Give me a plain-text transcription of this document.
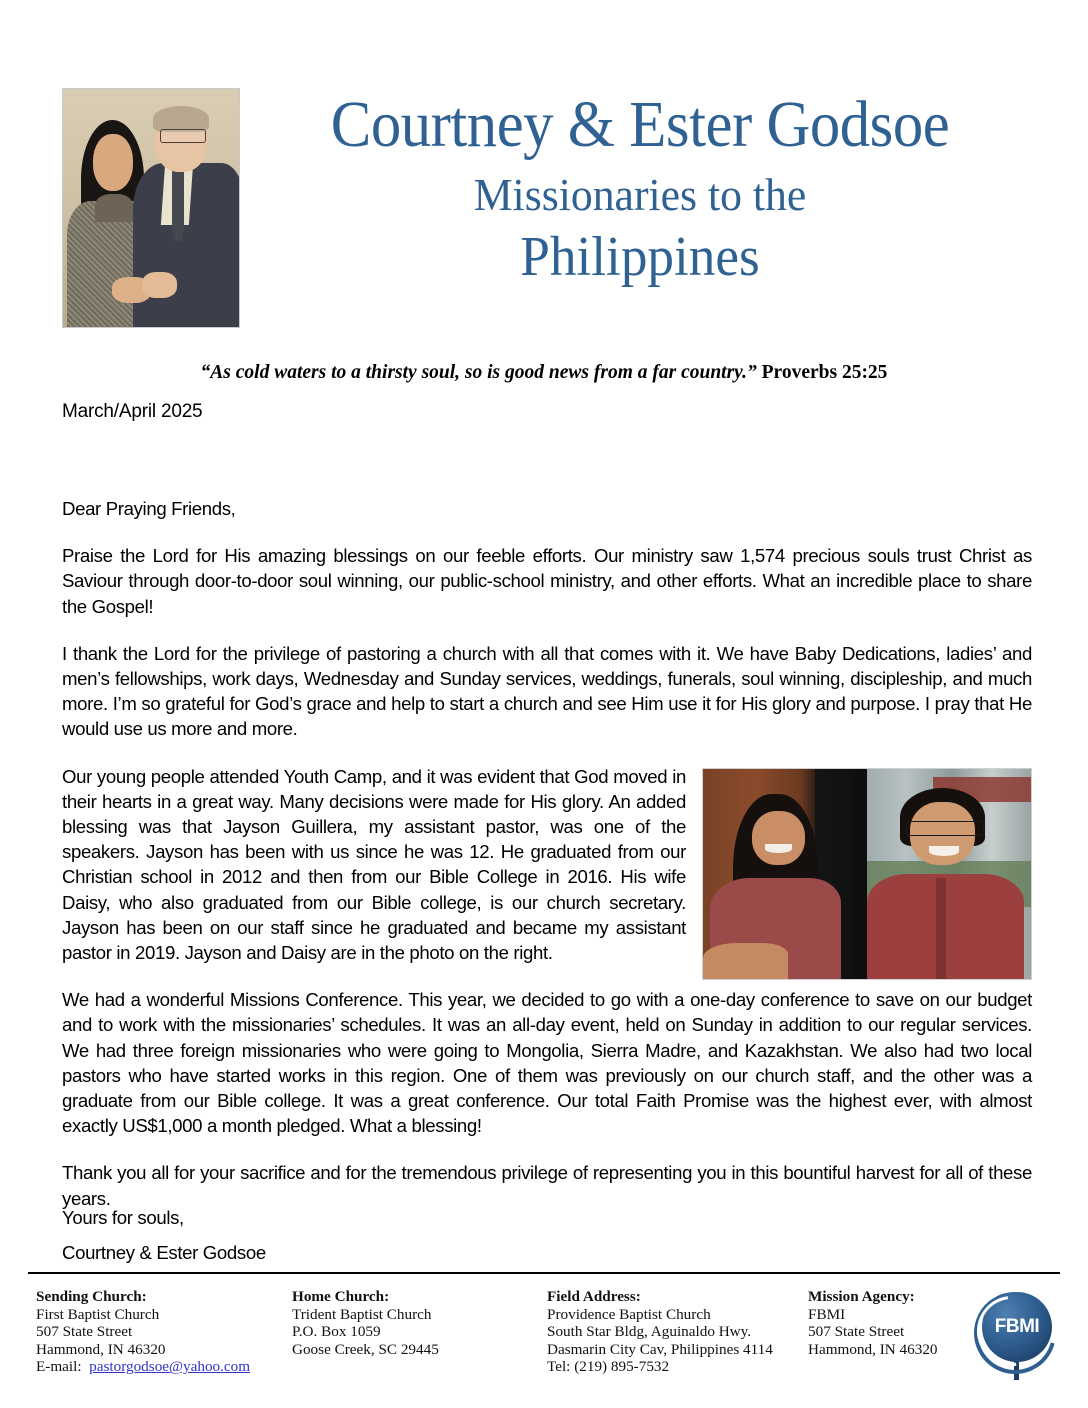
Courtney & Ester Godsoe
Missionaries to the
Philippines
“As cold waters to a thirsty soul, so is good news from a far country.” Proverbs 25:25
March/April 2025

Dear Praying Friends,

Praise the Lord for His amazing blessings on our feeble efforts. Our ministry saw 1,574 precious souls trust Christ as Saviour through door-to-door soul winning, our public-school ministry, and other efforts. What an incredible place to share the Gospel!

I thank the Lord for the privilege of pastoring a church with all that comes with it. We have Baby Dedications, ladies’ and men’s fellowships, work days, Wednesday and Sunday services, weddings, funerals, soul winning, discipleship, and much more. I’m so grateful for God’s grace and help to start a church and see Him use it for His glory and purpose. I pray that He would use us more and more.

Our young people attended Youth Camp, and it was evident that God moved in their hearts in a great way. Many decisions were made for His glory. An added blessing was that Jayson Guillera, my assistant pastor, was one of the speakers. Jayson has been with us since he was 12. He graduated from our Christian school in 2012 and then from our Bible College in 2016. His wife Daisy, who also graduated from our Bible college, is our church secretary. Jayson has been on our staff since he graduated and became my assistant pastor in 2019. Jayson and Daisy are in the photo on the right.

We had a wonderful Missions Conference. This year, we decided to go with a one-day conference to save on our budget and to work with the missionaries’ schedules. It was an all-day event, held on Sunday in addition to our regular services. We had three foreign missionaries who were going to Mongolia, Sierra Madre, and Kazakhstan. We also had two local pastors who have started works in this region. One of them was previously on our church staff, and the other was a graduate from our Bible college. It was a great conference. Our total Faith Promise was the highest ever, with almost exactly US$1,000 a month pledged. What a blessing!

Thank you all for your sacrifice and for the tremendous privilege of representing you in this bountiful harvest for all of these years.

Yours for souls,
Courtney & Ester Godsoe
Sending Church:
First Baptist Church
507 State Street
Hammond, IN 46320
E-mail: pastorgodsoe@yahoo.com
Home Church:
Trident Baptist Church
P.O. Box 1059
Goose Creek, SC 29445
Field Address:
Providence Baptist Church
South Star Bldg, Aguinaldo Hwy.
Dasmarin City Cav, Philippines 4114
Tel: (219) 895-7532
Mission Agency:
FBMI
507 State Street
Hammond, IN 46320
FBMI
